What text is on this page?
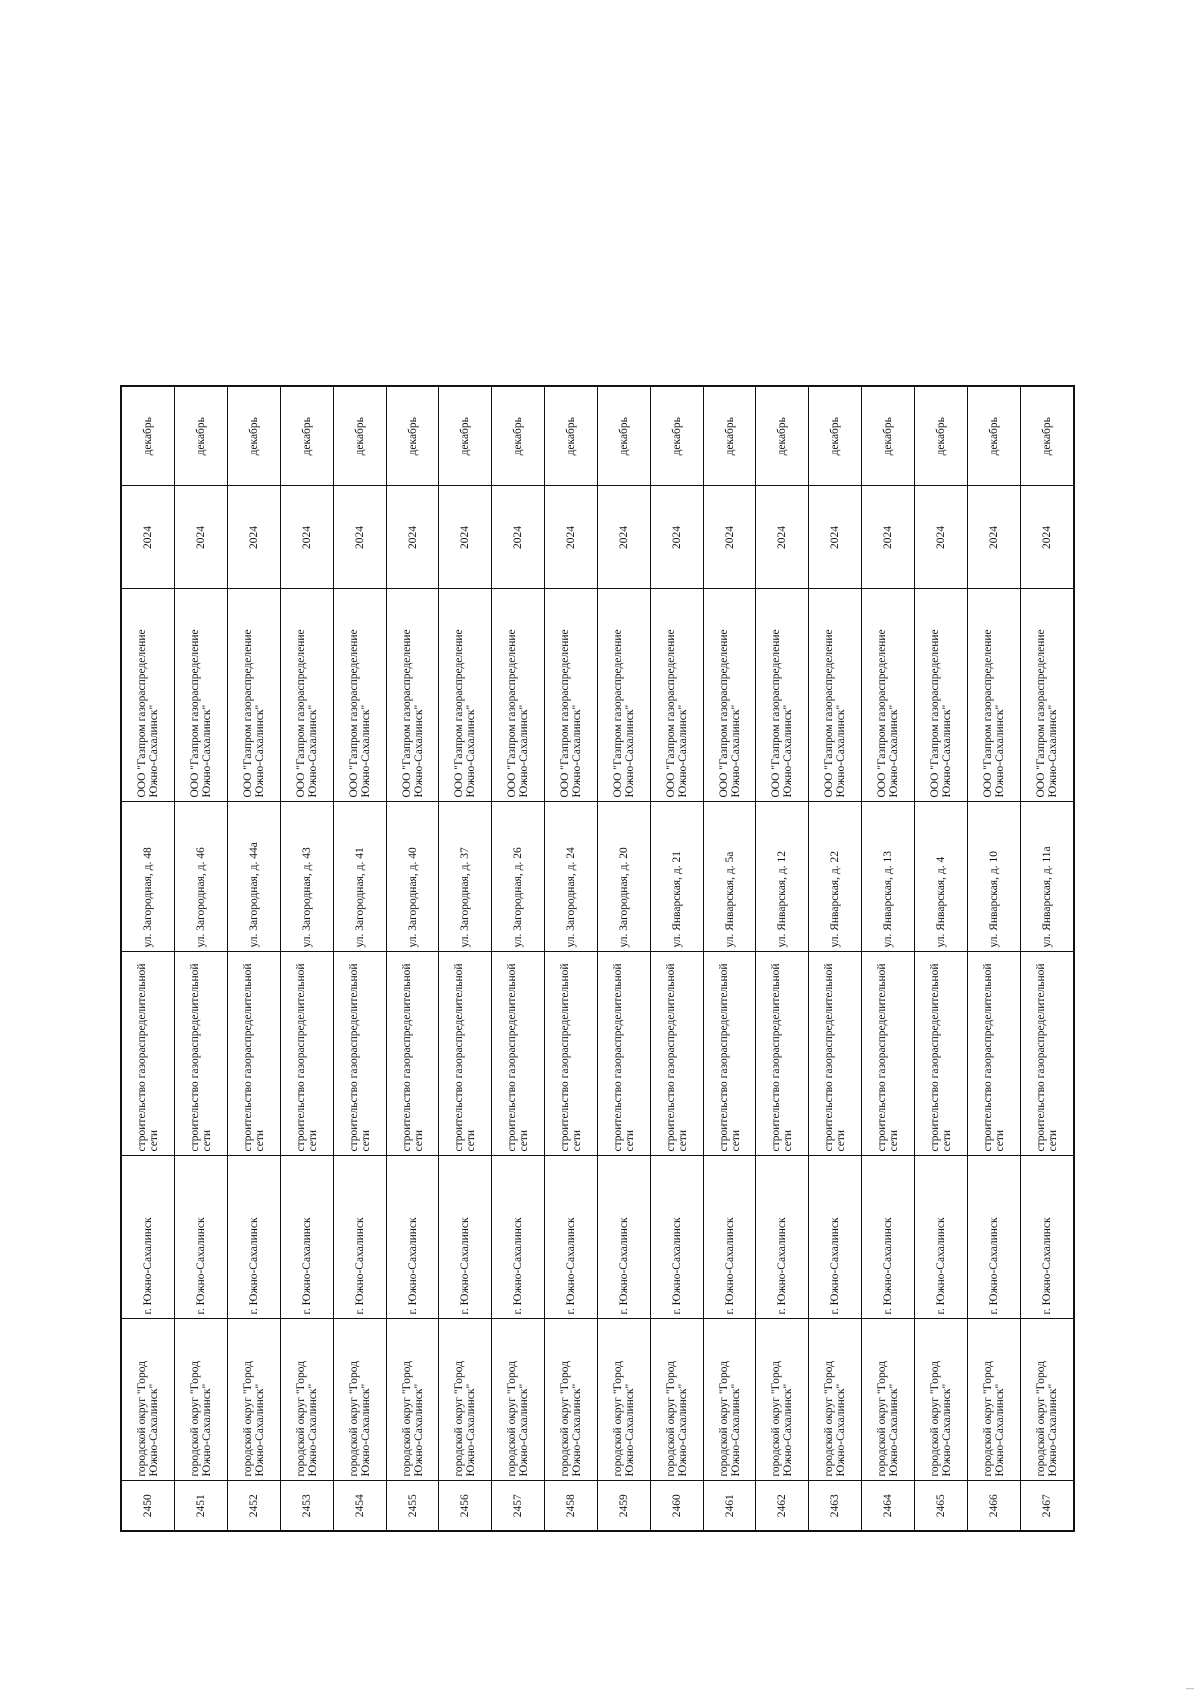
2450	городской округ "Город Южно-Сахалинск"	г. Южно-Сахалинск	строительство газораспределительной сети	ул. Загородная, д. 48	ООО "Газпром газораспределение Южно-Сахалинск"	2024	декабрь
2451	городской округ "Город Южно-Сахалинск"	г. Южно-Сахалинск	строительство газораспределительной сети	ул. Загородная, д. 46	ООО "Газпром газораспределение Южно-Сахалинск"	2024	декабрь
2452	городской округ "Город Южно-Сахалинск"	г. Южно-Сахалинск	строительство газораспределительной сети	ул. Загородная, д. 44а	ООО "Газпром газораспределение Южно-Сахалинск"	2024	декабрь
2453	городской округ "Город Южно-Сахалинск"	г. Южно-Сахалинск	строительство газораспределительной сети	ул. Загородная, д. 43	ООО "Газпром газораспределение Южно-Сахалинск"	2024	декабрь
2454	городской округ "Город Южно-Сахалинск"	г. Южно-Сахалинск	строительство газораспределительной сети	ул. Загородная, д. 41	ООО "Газпром газораспределение Южно-Сахалинск"	2024	декабрь
2455	городской округ "Город Южно-Сахалинск"	г. Южно-Сахалинск	строительство газораспределительной сети	ул. Загородная, д. 40	ООО "Газпром газораспределение Южно-Сахалинск"	2024	декабрь
2456	городской округ "Город Южно-Сахалинск"	г. Южно-Сахалинск	строительство газораспределительной сети	ул. Загородная, д. 37	ООО "Газпром газораспределение Южно-Сахалинск"	2024	декабрь
2457	городской округ "Город Южно-Сахалинск"	г. Южно-Сахалинск	строительство газораспределительной сети	ул. Загородная, д. 26	ООО "Газпром газораспределение Южно-Сахалинск"	2024	декабрь
2458	городской округ "Город Южно-Сахалинск"	г. Южно-Сахалинск	строительство газораспределительной сети	ул. Загородная, д. 24	ООО "Газпром газораспределение Южно-Сахалинск"	2024	декабрь
2459	городской округ "Город Южно-Сахалинск"	г. Южно-Сахалинск	строительство газораспределительной сети	ул. Загородная, д. 20	ООО "Газпром газораспределение Южно-Сахалинск"	2024	декабрь
2460	городской округ "Город Южно-Сахалинск"	г. Южно-Сахалинск	строительство газораспределительной сети	ул. Январская, д. 21	ООО "Газпром газораспределение Южно-Сахалинск"	2024	декабрь
2461	городской округ "Город Южно-Сахалинск"	г. Южно-Сахалинск	строительство газораспределительной сети	ул. Январская, д. 5а	ООО "Газпром газораспределение Южно-Сахалинск"	2024	декабрь
2462	городской округ "Город Южно-Сахалинск"	г. Южно-Сахалинск	строительство газораспределительной сети	ул. Январская, д. 12	ООО "Газпром газораспределение Южно-Сахалинск"	2024	декабрь
2463	городской округ "Город Южно-Сахалинск"	г. Южно-Сахалинск	строительство газораспределительной сети	ул. Январская, д. 22	ООО "Газпром газораспределение Южно-Сахалинск"	2024	декабрь
2464	городской округ "Город Южно-Сахалинск"	г. Южно-Сахалинск	строительство газораспределительной сети	ул. Январская, д. 13	ООО "Газпром газораспределение Южно-Сахалинск"	2024	декабрь
2465	городской округ "Город Южно-Сахалинск"	г. Южно-Сахалинск	строительство газораспределительной сети	ул. Январская, д. 4	ООО "Газпром газораспределение Южно-Сахалинск"	2024	декабрь
2466	городской округ "Город Южно-Сахалинск"	г. Южно-Сахалинск	строительство газораспределительной сети	ул. Январская, д. 10	ООО "Газпром газораспределение Южно-Сахалинск"	2024	декабрь
2467	городской округ "Город Южно-Сахалинск"	г. Южно-Сахалинск	строительство газораспределительной сети	ул. Январская, д. 11а	ООО "Газпром газораспределение Южно-Сахалинск"	2024	декабрь
—
